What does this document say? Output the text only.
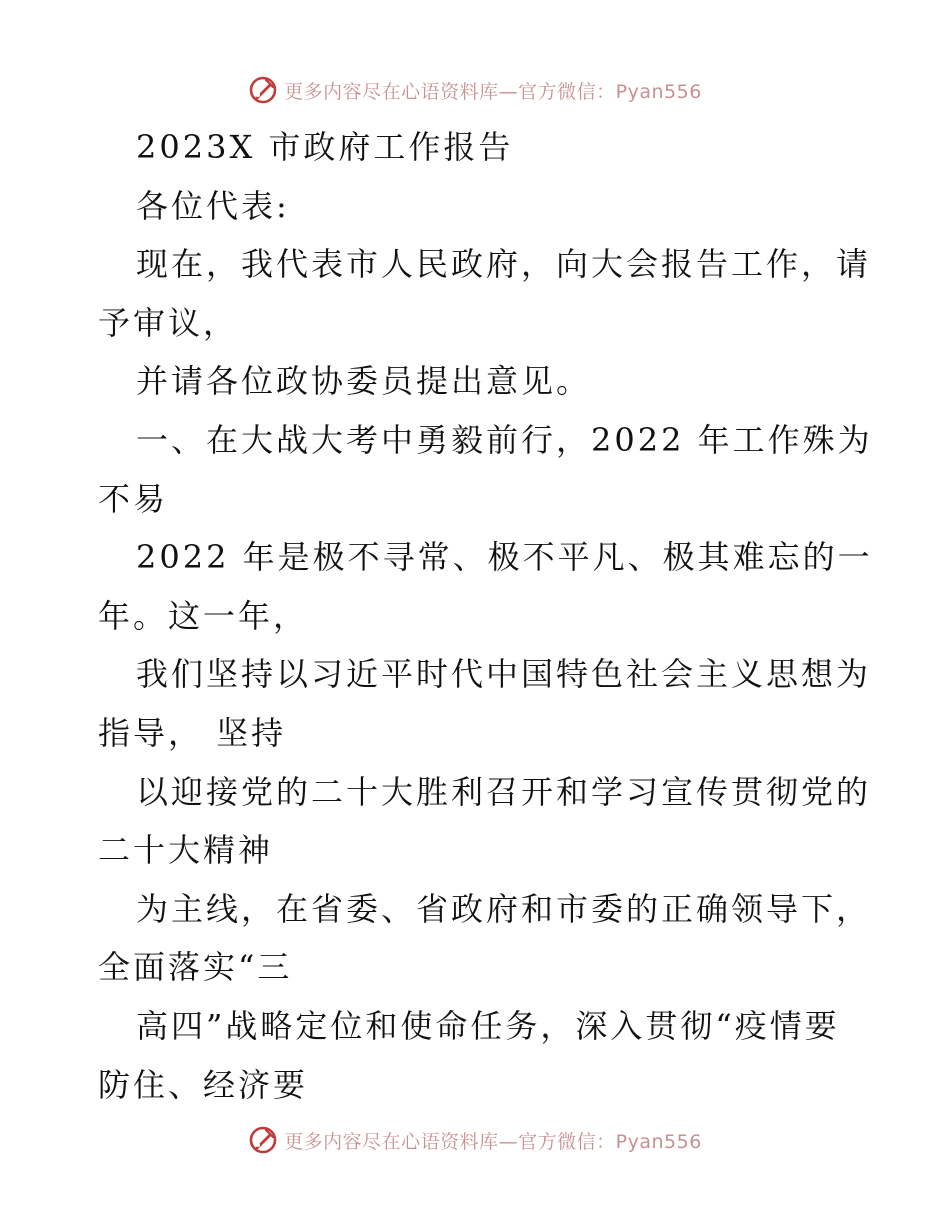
更多内容尽在心语资料库—官方微信：Pyan556
2023X 市政府工作报告
各位代表:
现在，我代表市人民政府，向大会报告工作，请
予审议，
并请各位政协委员提出意见。
一、在大战大考中勇毅前行，2022 年工作殊为
不易
2022 年是极不寻常、极不平凡、极其难忘的一
年。这一年，
我们坚持以习近平时代中国特色社会主义思想为
指导， 坚持
以迎接党的二十大胜利召开和学习宣传贯彻党的
二十大精神
为主线，在省委、省政府和市委的正确领导下，
全面落实“三
高四”战略定位和使命任务，深入贯彻“疫情要
防住、经济要
更多内容尽在心语资料库—官方微信：Pyan556
